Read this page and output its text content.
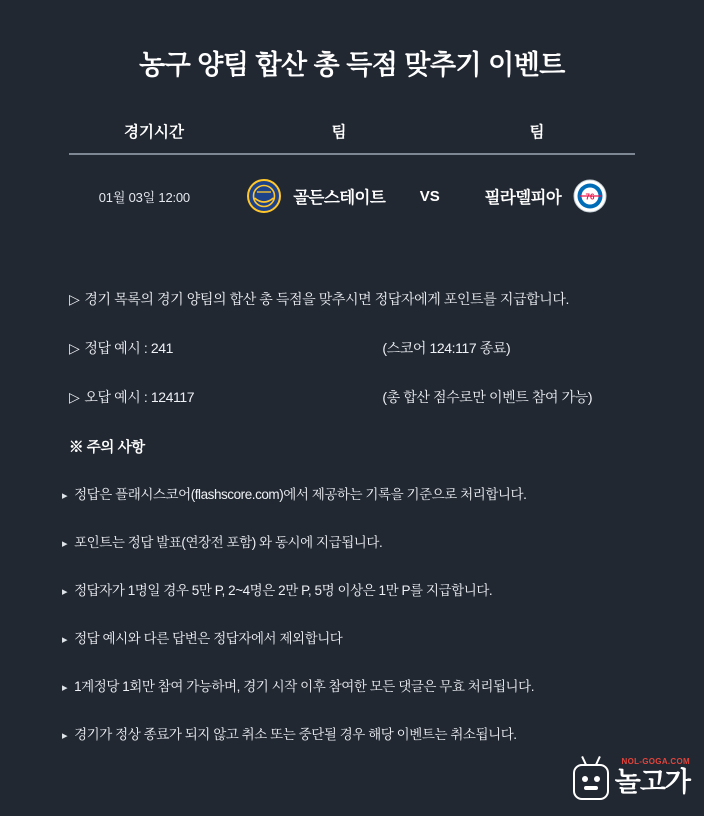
농구 양팀 합산 총 득점 맞추기 이벤트
경기시간	팀	팀
01월 03일 12:00	골든스테이트	VS	필라델피아	76
▷ 경기 목록의 경기 양팀의 합산 총 득점을 맞추시면 정답자에게 포인트를 지급합니다.
▷ 정답 예시 : 241	(스코어 124:117 종료)
▷ 오답 예시 : 124117	(총 합산 점수로만 이벤트 참여 가능)
※ 주의 사항
▸ 정답은 플래시스코어(flashscore.com)에서 제공하는 기록을 기준으로 처리합니다.
▸ 포인트는 정답 발표(연장전 포함) 와 동시에 지급됩니다.
▸ 정답자가 1명일 경우 5만 P, 2~4명은 2만 P, 5명 이상은 1만 P를 지급합니다.
▸ 정답 예시와 다른 답변은 정답자에서 제외합니다
▸ 1계정당 1회만 참여 가능하며, 경기 시작 이후 참여한 모든 댓글은 무효 처리됩니다.
▸ 경기가 정상 종료가 되지 않고 취소 또는 중단될 경우 해당 이벤트는 취소됩니다.
NOL-GOGA.COM
놀고가
